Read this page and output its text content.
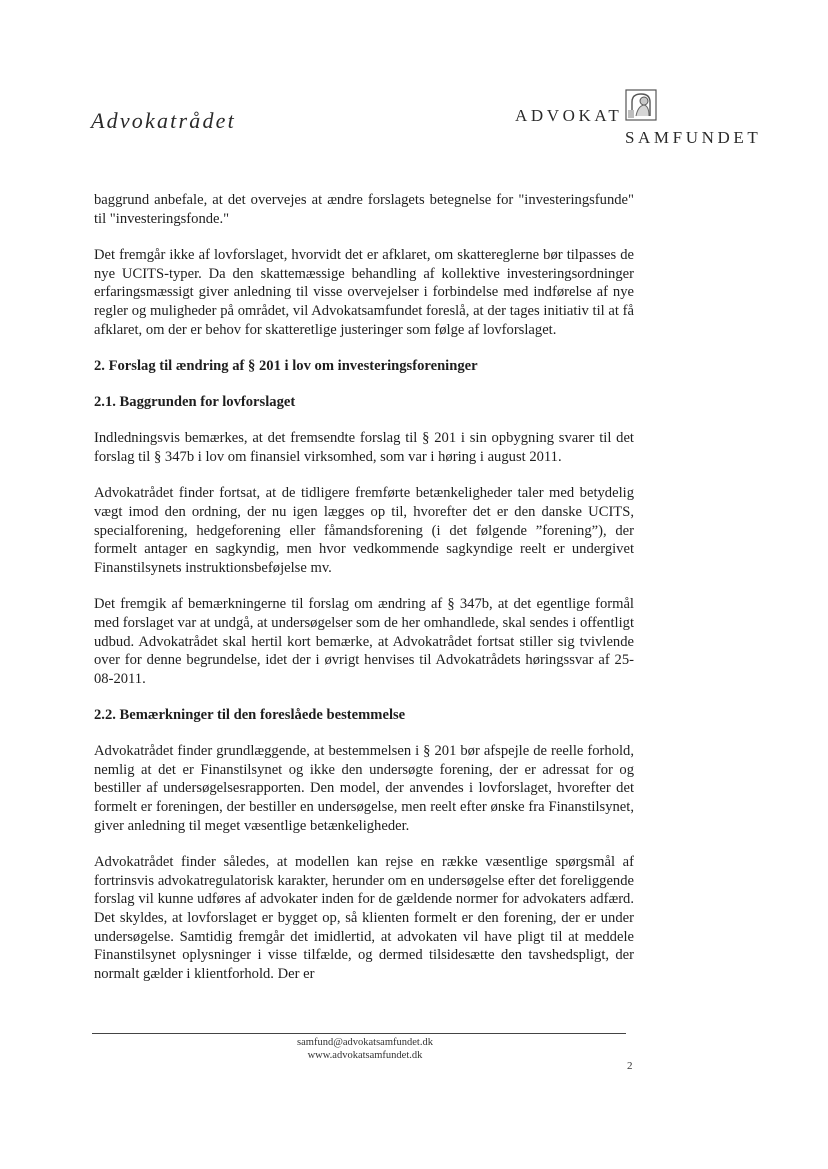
Advokatrådet	ADVOKAT
SAMFUNDET

baggrund anbefale, at det overvejes at ændre forslagets betegnelse for "investeringsfunde" til "investeringsfonde."

Det fremgår ikke af lovforslaget, hvorvidt det er afklaret, om skattereglerne bør tilpasses de nye UCITS-typer. Da den skattemæssige behandling af kollektive investeringsordninger erfaringsmæssigt giver anledning til visse overvejelser i forbindelse med indførelse af nye regler og muligheder på området, vil Advokatsamfundet foreslå, at der tages initiativ til at få afklaret, om der er behov for skatteretlige justeringer som følge af lovforslaget.

2. Forslag til ændring af § 201 i lov om investeringsforeninger
2.1. Baggrunden for lovforslaget

Indledningsvis bemærkes, at det fremsendte forslag til § 201 i sin opbygning svarer til det forslag til § 347b i lov om finansiel virksomhed, som var i høring i august 2011.

Advokatrådet finder fortsat, at de tidligere fremførte betænkeligheder taler med betydelig vægt imod den ordning, der nu igen lægges op til, hvorefter det er den danske UCITS, specialforening, hedgeforening eller fåmandsforening (i det følgende ”forening”), der formelt antager en sagkyndig, men hvor vedkommende sagkyndige reelt er undergivet Finanstilsynets instruktionsbeføjelse mv.

Det fremgik af bemærkningerne til forslag om ændring af § 347b, at det egentlige formål med forslaget var at undgå, at undersøgelser som de her omhandlede, skal sendes i offentligt udbud. Advokatrådet skal hertil kort bemærke, at Advokatrådet fortsat stiller sig tvivlende over for denne begrundelse, idet der i øvrigt henvises til Advokatrådets høringssvar af 25-08-2011.

2.2. Bemærkninger til den foreslåede bestemmelse

Advokatrådet finder grundlæggende, at bestemmelsen i § 201 bør afspejle de reelle forhold, nemlig at det er Finanstilsynet og ikke den undersøgte forening, der er adressat for og bestiller af undersøgelsesrapporten. Den model, der anvendes i lovforslaget, hvorefter det formelt er foreningen, der bestiller en undersøgelse, men reelt efter ønske fra Finanstilsynet, giver anledning til meget væsentlige betænkeligheder.

Advokatrådet finder således, at modellen kan rejse en række væsentlige spørgsmål af fortrinsvis advokatregulatorisk karakter, herunder om en undersøgelse efter det foreliggende forslag vil kunne udføres af advokater inden for de gældende normer for advokaters adfærd. Det skyldes, at lovforslaget er bygget op, så klienten formelt er den forening, der er under undersøgelse. Samtidig fremgår det imidlertid, at advokaten vil have pligt til at meddele Finanstilsynet oplysninger i visse tilfælde, og dermed tilsidesætte den tavshedspligt, der normalt gælder i klientforhold. Der er

samfund@advokatsamfundet.dk
www.advokatsamfundet.dk
2
